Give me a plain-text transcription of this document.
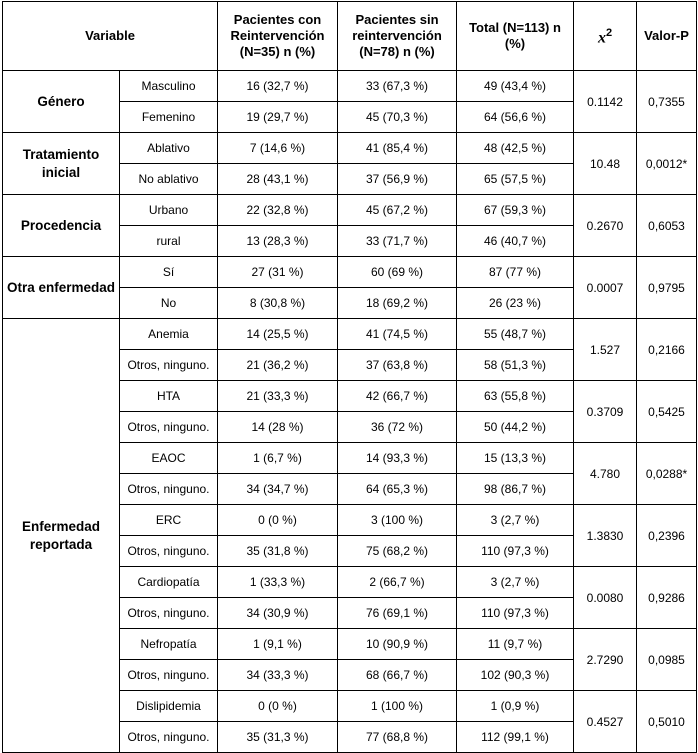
Variable		Pacientes con Reintervención (N=35) n (%)	Pacientes sin reintervención (N=78) n (%)	Total (N=113) n (%)	$x^2$	Valor-P
Género	Masculino	16 (32,7 %)	33 (67,3 %)	49 (43,4 %)	0.1142	0,7355
	Femenino	19 (29,7 %)	45 (70,3 %)	64 (56,6 %)		
Tratamiento inicial	Ablativo	7 (14,6 %)	41 (85,4 %)	48 (42,5 %)	10.48	0,0012*
	No ablativo	28 (43,1 %)	37 (56,9 %)	65 (57,5 %)		
Procedencia	Urbano	22 (32,8 %)	45 (67,2 %)	67 (59,3 %)	0.2670	0,6053
	rural	13 (28,3 %)	33 (71,7 %)	46 (40,7 %)		
Otra enfermedad	Sí	27 (31 %)	60 (69 %)	87 (77 %)	0.0007	0,9795
	No	8 (30,8 %)	18 (69,2 %)	26 (23 %)		
Enfermedad reportada	Anemia	14 (25,5 %)	41 (74,5 %)	55 (48,7 %)	1.527	0,2166
	Otros, ninguno.	21 (36,2 %)	37 (63,8 %)	58 (51,3 %)		
	HTA	21 (33,3 %)	42 (66,7 %)	63 (55,8 %)	0.3709	0,5425
	Otros, ninguno.	14 (28 %)	36 (72 %)	50 (44,2 %)		
	EAOC	1 (6,7 %)	14 (93,3 %)	15 (13,3 %)	4.780	0,0288*
	Otros, ninguno.	34 (34,7 %)	64 (65,3 %)	98 (86,7 %)		
	ERC	0 (0 %)	3 (100 %)	3 (2,7 %)	1.3830	0,2396
	Otros, ninguno.	35 (31,8 %)	75 (68,2 %)	110 (97,3 %)		
	Cardiopatía	1 (33,3 %)	2 (66,7 %)	3 (2,7 %)	0.0080	0,9286
	Otros, ninguno.	34 (30,9 %)	76 (69,1 %)	110 (97,3 %)		
	Nefropatía	1 (9,1 %)	10 (90,9 %)	11 (9,7 %)	2.7290	0,0985
	Otros, ninguno.	34 (33,3 %)	68 (66,7 %)	102 (90,3 %)		
	Dislipidemia	0 (0 %)	1 (100 %)	1 (0,9 %)	0.4527	0,5010
	Otros, ninguno.	35 (31,3 %)	77 (68,8 %)	112 (99,1 %)		
